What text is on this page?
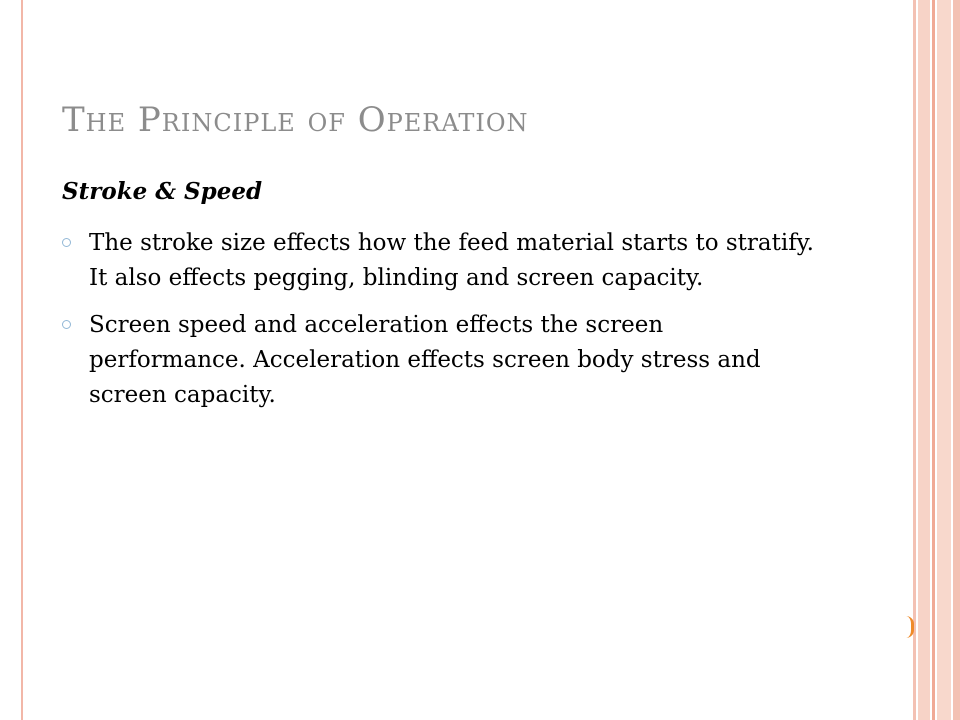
The Principle of Operation
Stroke & Speed
The stroke size effects how the feed material starts to stratify. It also effects pegging, blinding and screen capacity.
Screen speed and acceleration effects the screen performance. Acceleration effects screen body stress and screen capacity.
